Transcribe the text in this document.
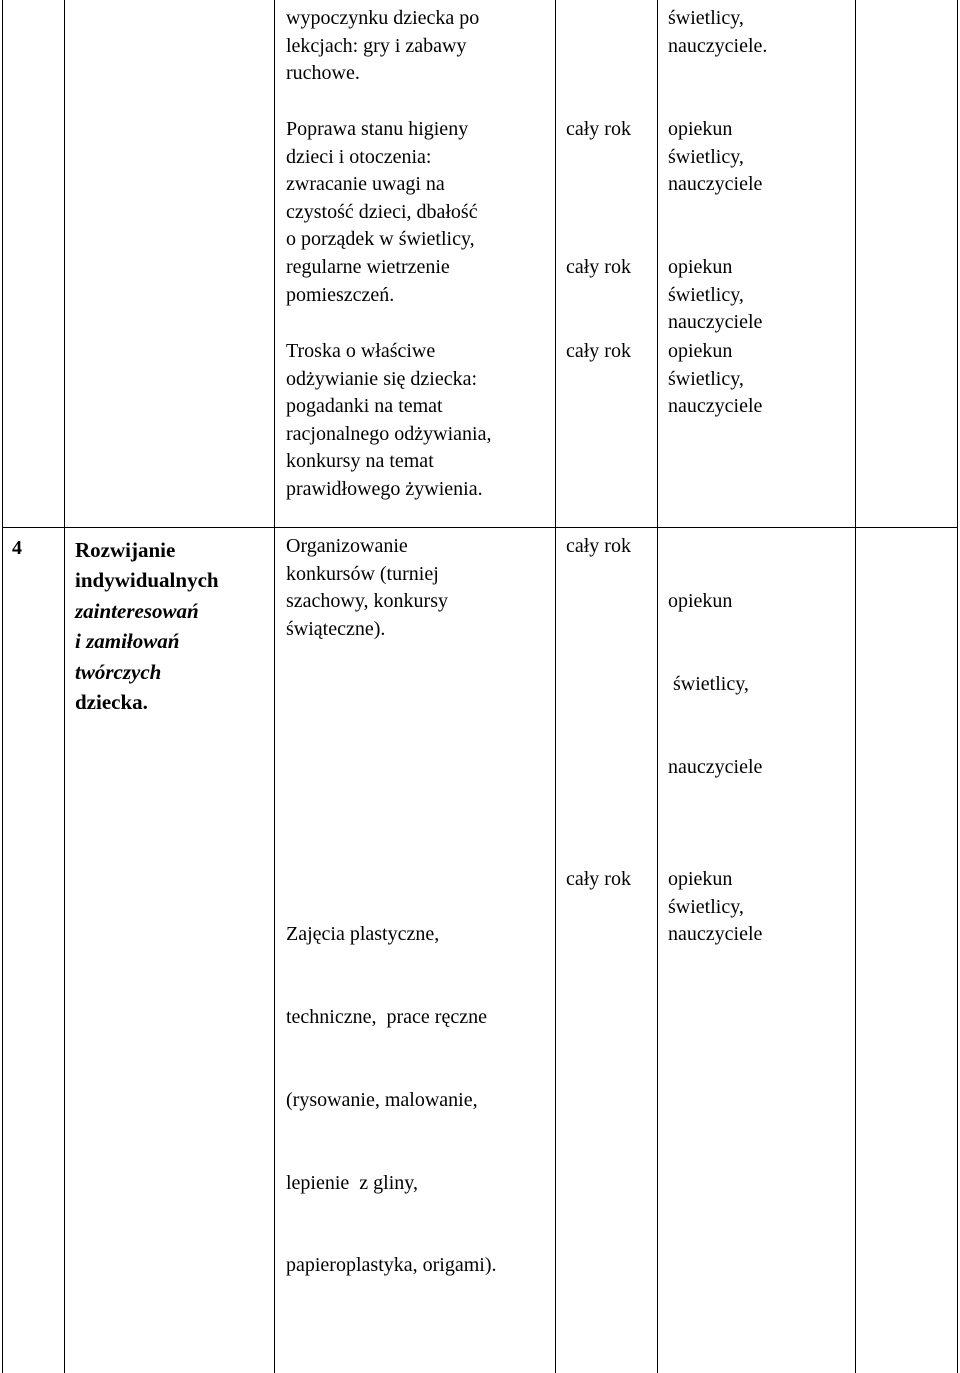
wypoczynku dziecka po
lekcjach: gry i zabawy
ruchowe.
świetlicy,
nauczyciele.
Poprawa stanu higieny
dzieci i otoczenia:
zwracanie uwagi na
czystość dzieci, dbałość
o porządek w świetlicy,
regularne wietrzenie
pomieszczeń.
Troska o właściwe
odżywianie się dziecka:
pogadanki na temat
racjonalnego odżywiania,
konkursy na temat
prawidłowego żywienia.
cały rok
cały rok
cały rok
opiekun
świetlicy,
nauczyciele
opiekun
świetlicy,
nauczyciele
opiekun
świetlicy,
nauczyciele
4	Rozwijanie
indywidualnych
zainteresowań
i zamiłowań
twórczych
dziecka.
Organizowanie
konkursów (turniej
szachowy, konkursy
świąteczne).
cały rok

opiekun

świetlicy,

nauczyciele

Zajęcia plastyczne,

techniczne,  prace ręczne

(rysowanie, malowanie,

lepienie  z gliny,

papieroplastyka, origami).

cały rok opiekun
świetlicy,
nauczyciele
